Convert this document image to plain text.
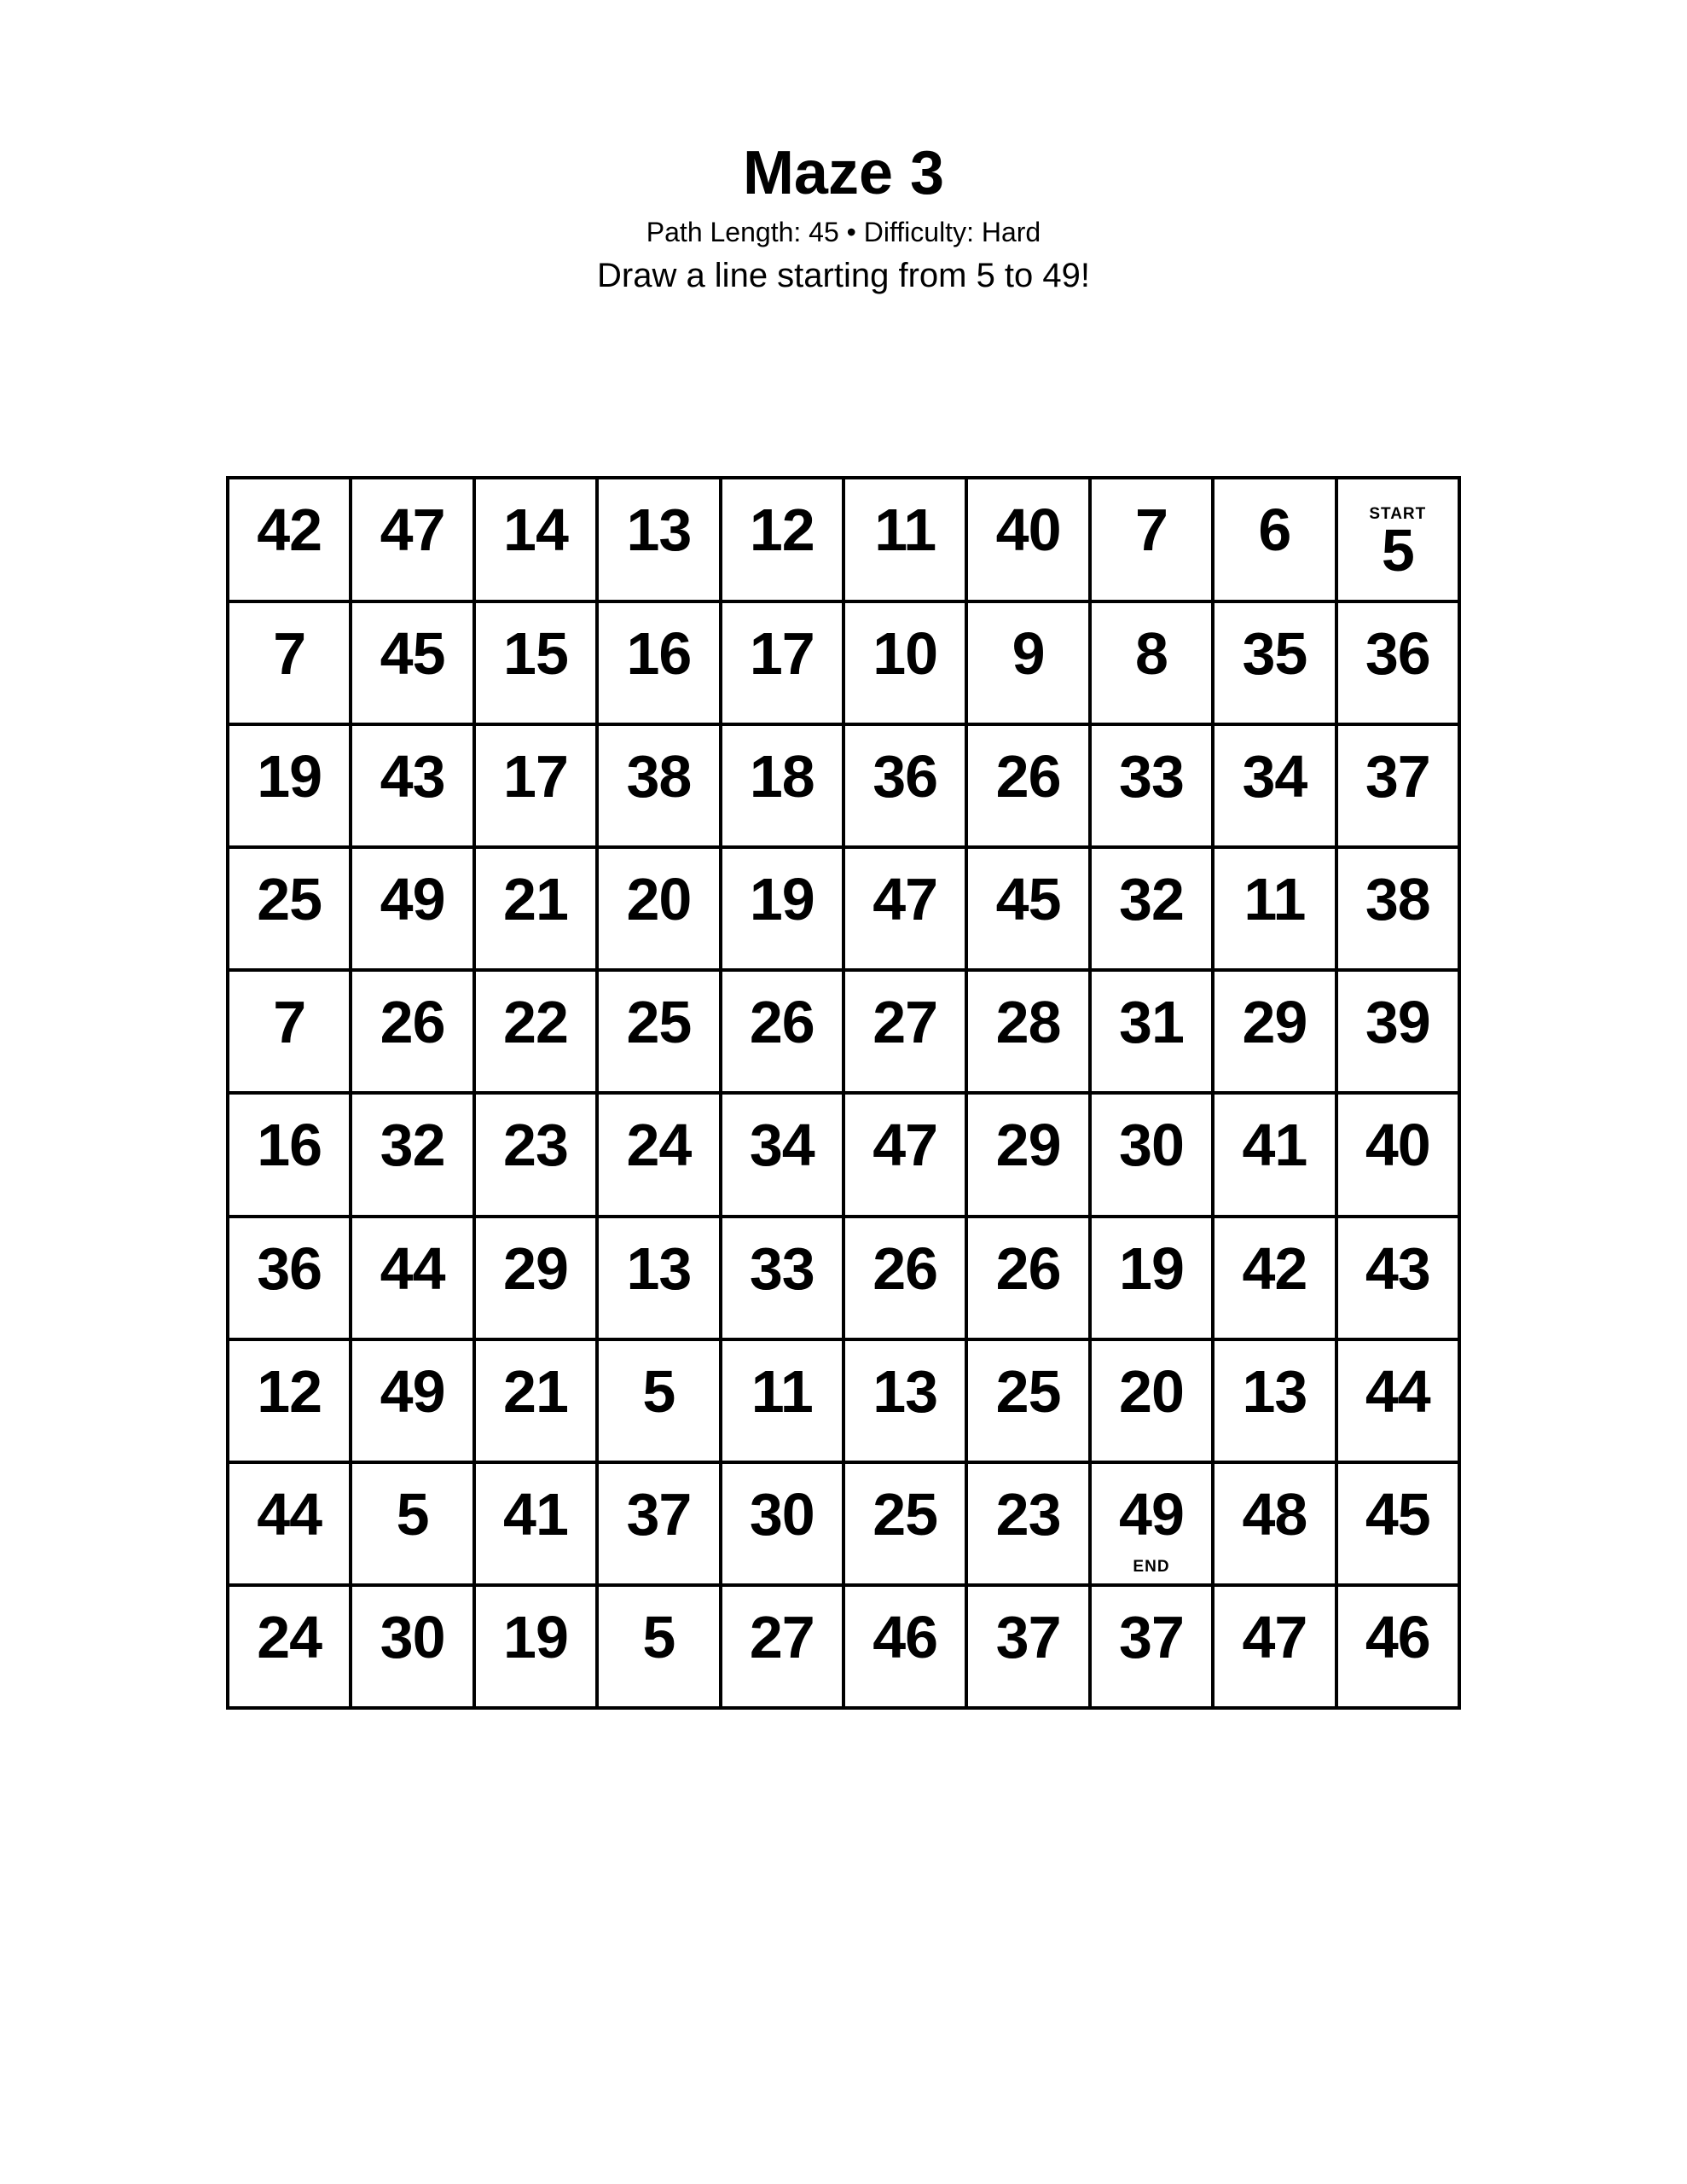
Maze 3
Path Length: 45 • Difficulty: Hard
Draw a line starting from 5 to 49!
42 47 14 13 12 11 40 7 6	START
5
7 45 15 16 17 10 9 8 35 36
19 43 17 38 18 36 26 33 34 37
25 49 21 20 19 47 45 32 11 38
7 26 22 25 26 27 28 31 29 39
16 32 23 24 34 47 29 30 41 40
36 44 29 13 33 26 26 19 42 43
12 49 21 5 11 13 25 20 13 44
44 5 41 37 30 25 23 49
END
48 45
24 30 19 5 27 46 37 37 47 46
